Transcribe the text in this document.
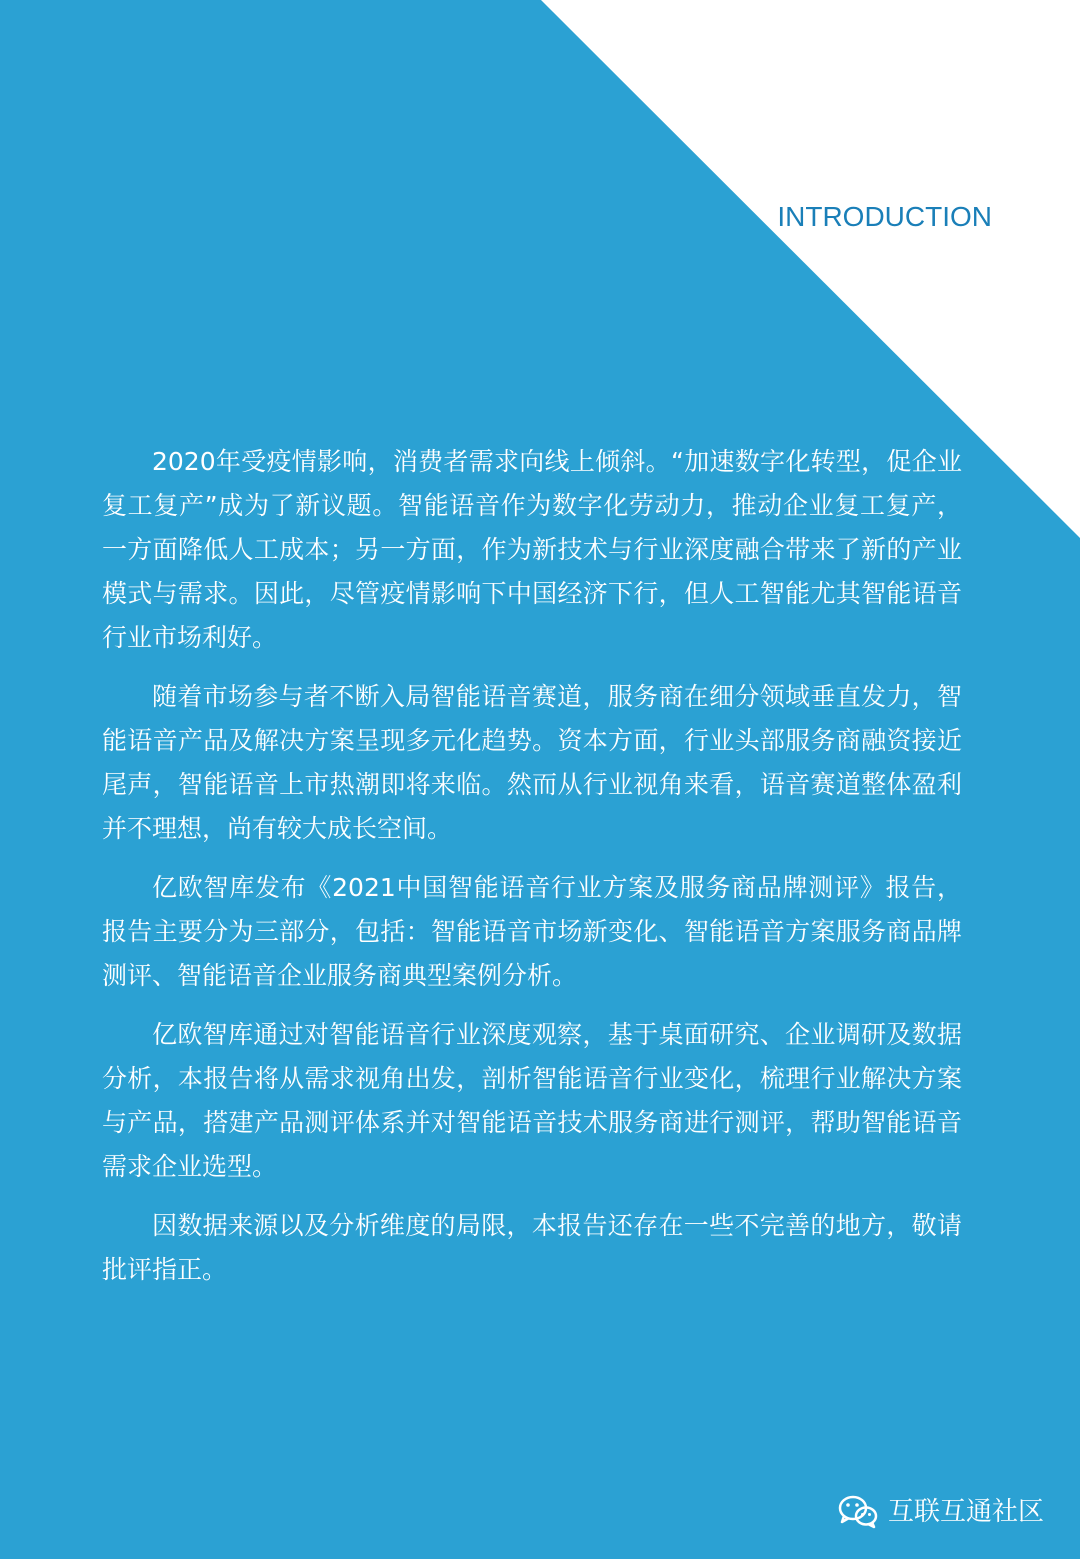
序言
INTRODUCTION

2020年受疫情影响，消费者需求向线上倾斜。“加速数字化转型，促企业复工复产”成为了新议题。智能语音作为数字化劳动力，推动企业复工复产，一方面降低人工成本；另一方面，作为新技术与行业深度融合带来了新的产业模式与需求。因此，尽管疫情影响下中国经济下行，但人工智能尤其智能语音行业市场利好。

随着市场参与者不断入局智能语音赛道，服务商在细分领域垂直发力，智能语音产品及解决方案呈现多元化趋势。资本方面，行业头部服务商融资接近尾声，智能语音上市热潮即将来临。然而从行业视角来看，语音赛道整体盈利并不理想，尚有较大成长空间。

亿欧智库发布《2021中国智能语音行业方案及服务商品牌测评》报告，报告主要分为三部分，包括：智能语音市场新变化、智能语音方案服务商品牌测评、智能语音企业服务商典型案例分析。

亿欧智库通过对智能语音行业深度观察，基于桌面研究、企业调研及数据分析，本报告将从需求视角出发，剖析智能语音行业变化，梳理行业解决方案与产品，搭建产品测评体系并对智能语音技术服务商进行测评，帮助智能语音需求企业选型。

因数据来源以及分析维度的局限，本报告还存在一些不完善的地方，敬请批评指正。

互联互通社区
